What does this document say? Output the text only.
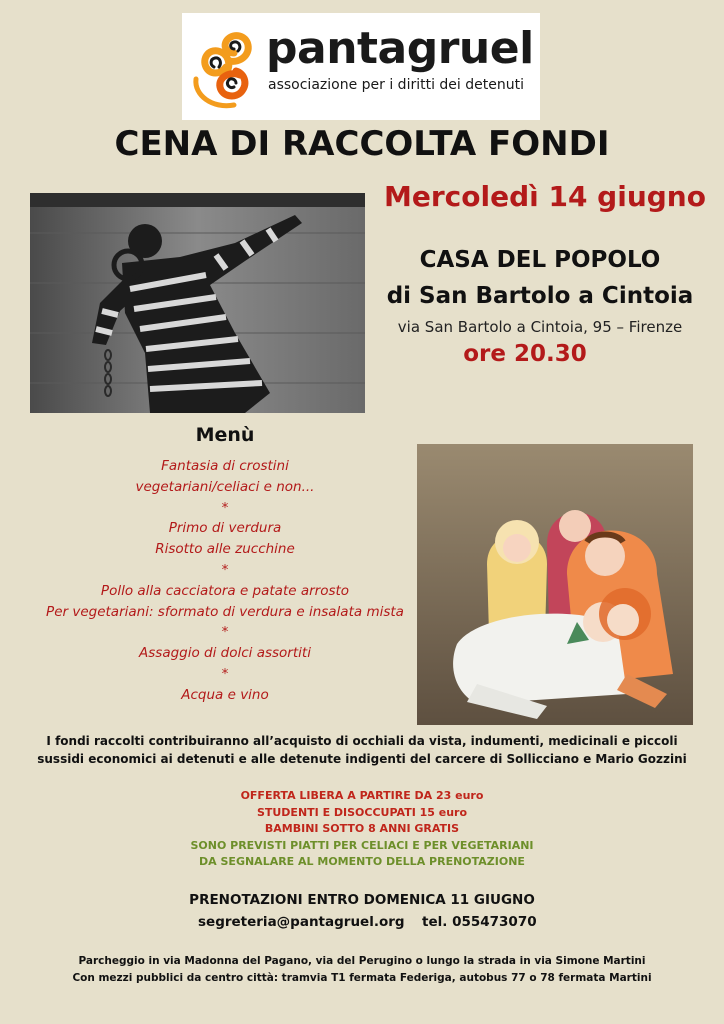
pantagruel
associazione per i diritti dei detenuti
CENA DI RACCOLTA FONDI
Mercoledì 14 giugno
CASA DEL POPOLO
di San Bartolo a Cintoia
via San Bartolo a Cintoia, 95 – Firenze
ore 20.30
Menù
Fantasia di crostini
vegetariani/celiaci e non...
*
Primo di verdura
Risotto alle zucchine
*
Pollo alla cacciatora e patate arrosto
Per vegetariani: sformato di verdura e insalata mista
*
Assaggio di dolci assortiti
*
Acqua e vino
I fondi raccolti contribuiranno all’acquisto di occhiali da vista, indumenti, medicinali e piccoli sussidi economici ai detenuti e alle detenute indigenti del carcere di Sollicciano e Mario Gozzini
OFFERTA LIBERA A PARTIRE DA 23 euro
STUDENTI E DISOCCUPATI 15 euro
BAMBINI SOTTO 8 ANNI GRATIS
SONO PREVISTI PIATTI PER CELIACI E PER VEGETARIANI
DA SEGNALARE AL MOMENTO DELLA PRENOTAZIONE
PRENOTAZIONI ENTRO DOMENICA 11 GIUGNO
segreteria@pantagruel.org tel. 055473070
Parcheggio in via Madonna del Pagano, via del Perugino o lungo la strada in via Simone Martini
Con mezzi pubblici da centro città: tramvia T1 fermata Federiga, autobus 77 o 78 fermata Martini
